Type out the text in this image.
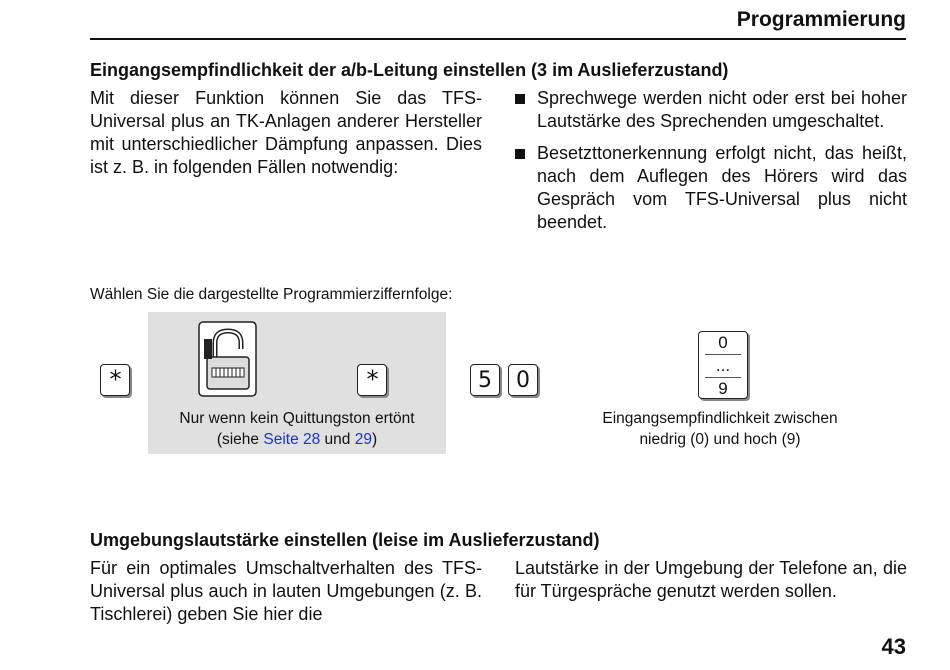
Programmierung
Eingangsempfindlichkeit der a/b-Leitung einstellen (3 im Auslieferzustand)
Mit dieser Funktion können Sie das TFS-Universal plus an TK-Anlagen anderer Hersteller mit unterschiedlicher Dämpfung anpassen. Dies ist z. B. in folgenden Fällen notwendig:
Sprechwege werden nicht oder erst bei hoher Lautstärke des Sprechenden umgeschaltet.
Besetzttonerkennung erfolgt nicht, das heißt, nach dem Auflegen des Hörers wird das Gespräch vom TFS-Universal plus nicht beendet.
Wählen Sie die dargestellte Programmierziffernfolge:
*	*
Nur wenn kein Quittungston ertönt
(siehe Seite 28 und 29)
5	0
0
...
9
Eingangsempfindlichkeit zwischen
niedrig (0) und hoch (9)
Umgebungslautstärke einstellen (leise im Auslieferzustand)
Für ein optimales Umschaltverhalten des TFS-Universal plus auch in lauten Umgebungen (z. B. Tischlerei) geben Sie hier die
Lautstärke in der Umgebung der Telefone an, die für Türgespräche genutzt werden sollen.
43
